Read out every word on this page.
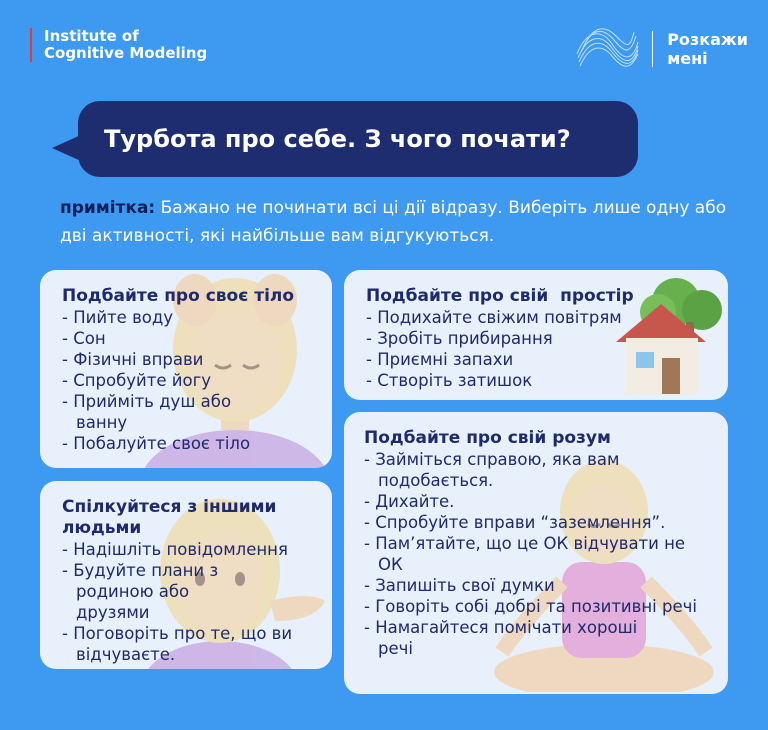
Institute of
Cognitive Modeling
Розкажи
мені
Турбота про себе. З чого почати?
примітка: Бажано не починати всі ці дії відразу. Виберіть лише одну або дві активності, які найбільше вам відгукуються.
Подбайте про своє тіло
- Пийте воду
- Сон
- Фізичні вправи
- Спробуйте йогу
- Прийміть душ або ванну
- Побалуйте своє тіло
Спілкуйтеся з іншими людьми
- Надішліть повідомлення
- Будуйте плани з родиною або друзями
- Поговоріть про те, що ви відчуваєте.
Подбайте про свій  простір
- Подихайте свіжим повітрям
- Зробіть прибирання
- Приємні запахи
- Створіть затишок
Подбайте про свій розум
- Займіться справою, яка вам подобається.
- Дихайте.
- Спробуйте вправи “заземлення”.
- Пам’ятайте, що це ОК відчувати не ОК
- Запишіть свої думки
- Говоріть собі добрі та позитивні речі
- Намагайтеся помічати хороші речі
